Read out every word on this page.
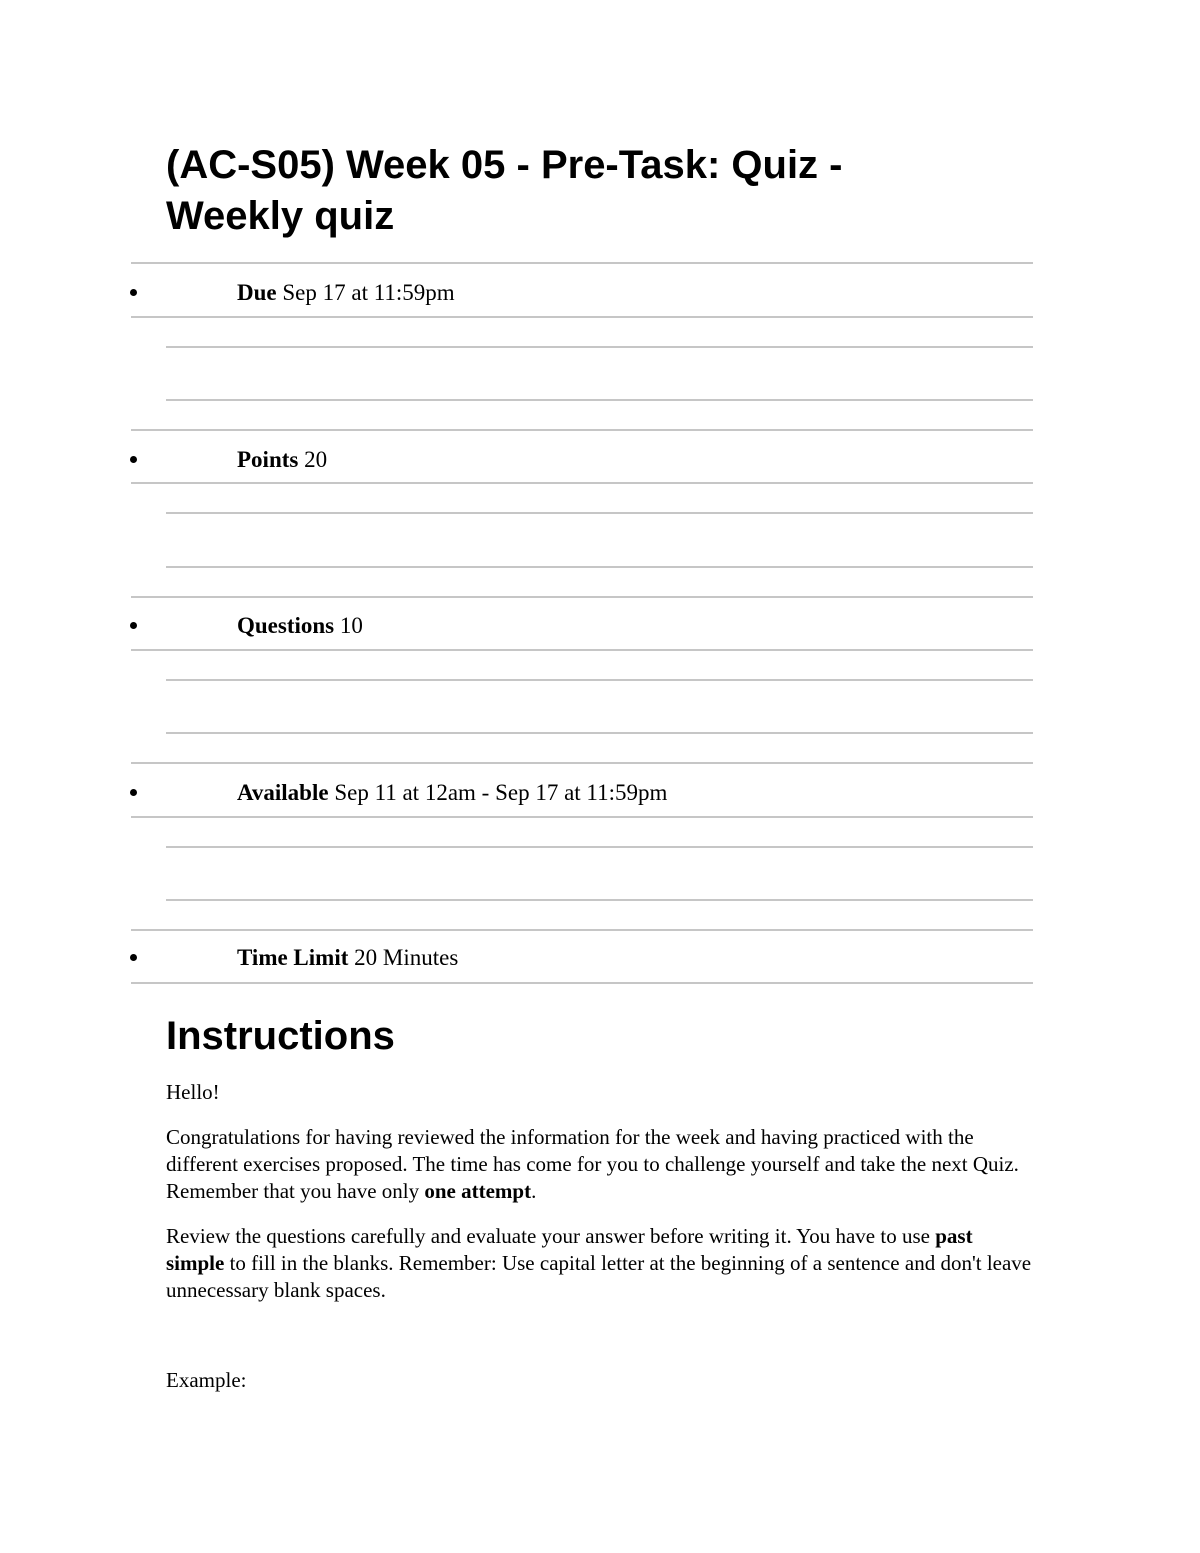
(AC-S05) Week 05 - Pre-Task: Quiz - Weekly quiz
Due Sep 17 at 11:59pm
Points 20
Questions 10
Available Sep 11 at 12am - Sep 17 at 11:59pm
Time Limit 20 Minutes
Instructions

Hello!

Congratulations for having reviewed the information for the week and having practiced with the different exercises proposed. The time has come for you to challenge yourself and take the next Quiz. Remember that you have only one attempt.

Review the questions carefully and evaluate your answer before writing it. You have to use past simple to fill in the blanks. Remember: Use capital letter at the beginning of a sentence and don't leave unnecessary blank spaces.

Example:
